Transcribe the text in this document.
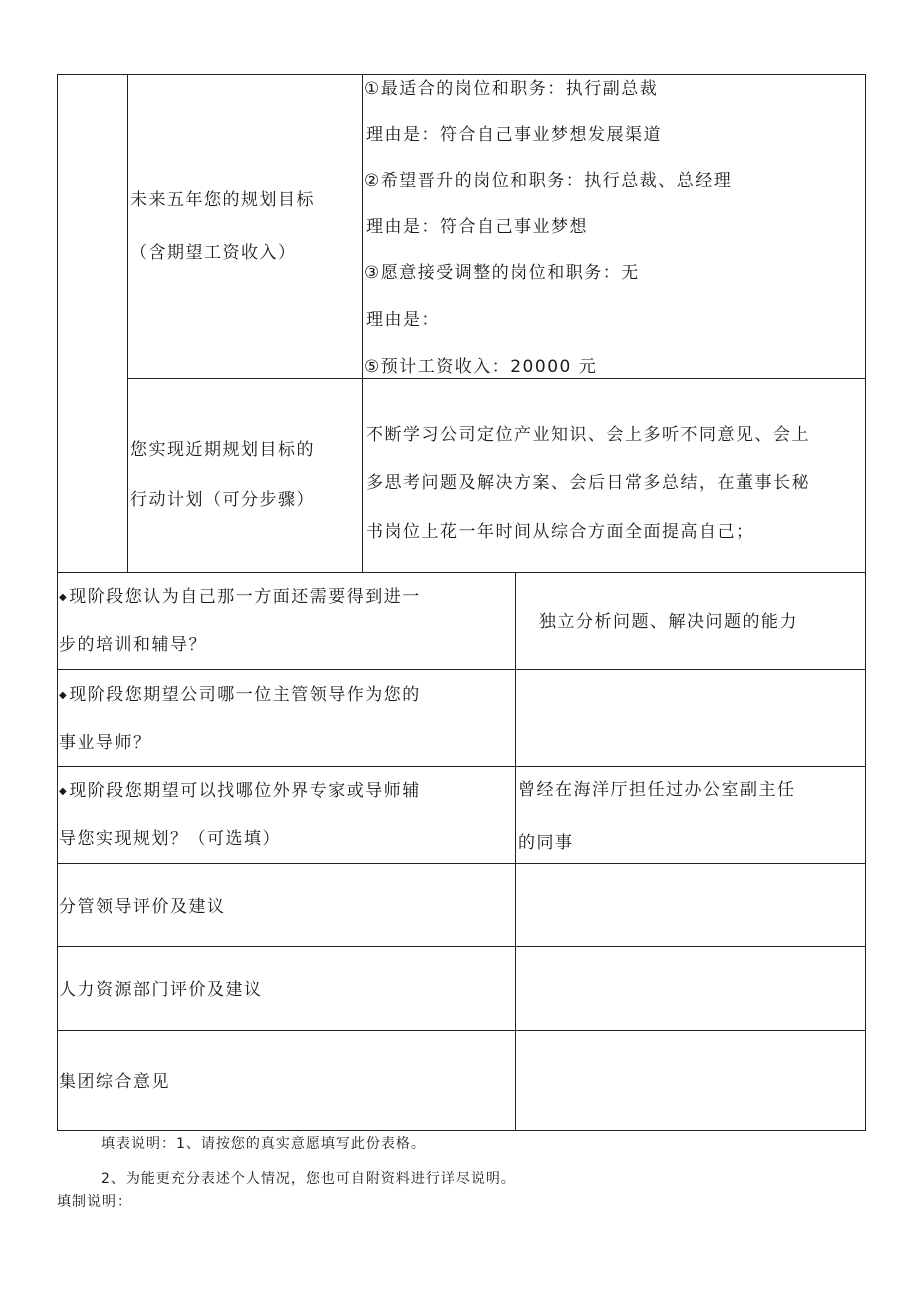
未来五年您的规划目标
（含期望工资收入）
①最适合的岗位和职务：执行副总裁
理由是：符合自己事业梦想发展渠道
②希望晋升的岗位和职务：执行总裁、总经理
理由是：符合自己事业梦想
③愿意接受调整的岗位和职务：无
理由是：
⑤预计工资收入：20000 元
您实现近期规划目标的
行动计划（可分步骤）
不断学习公司定位产业知识、会上多听不同意见、会上
多思考问题及解决方案、会后日常多总结，在董事长秘
书岗位上花一年时间从综合方面全面提高自己；
◆现阶段您认为自己那一方面还需要得到进一
步的培训和辅导？
独立分析问题、解决问题的能力
◆现阶段您期望公司哪一位主管领导作为您的
事业导师？
◆现阶段您期望可以找哪位外界专家或导师辅
导您实现规划？（可选填）
曾经在海洋厅担任过办公室副主任
的同事
分管领导评价及建议
人力资源部门评价及建议
集团综合意见
填表说明：1、请按您的真实意愿填写此份表格。
2、为能更充分表述个人情况，您也可自附资料进行详尽说明。
填制说明：
